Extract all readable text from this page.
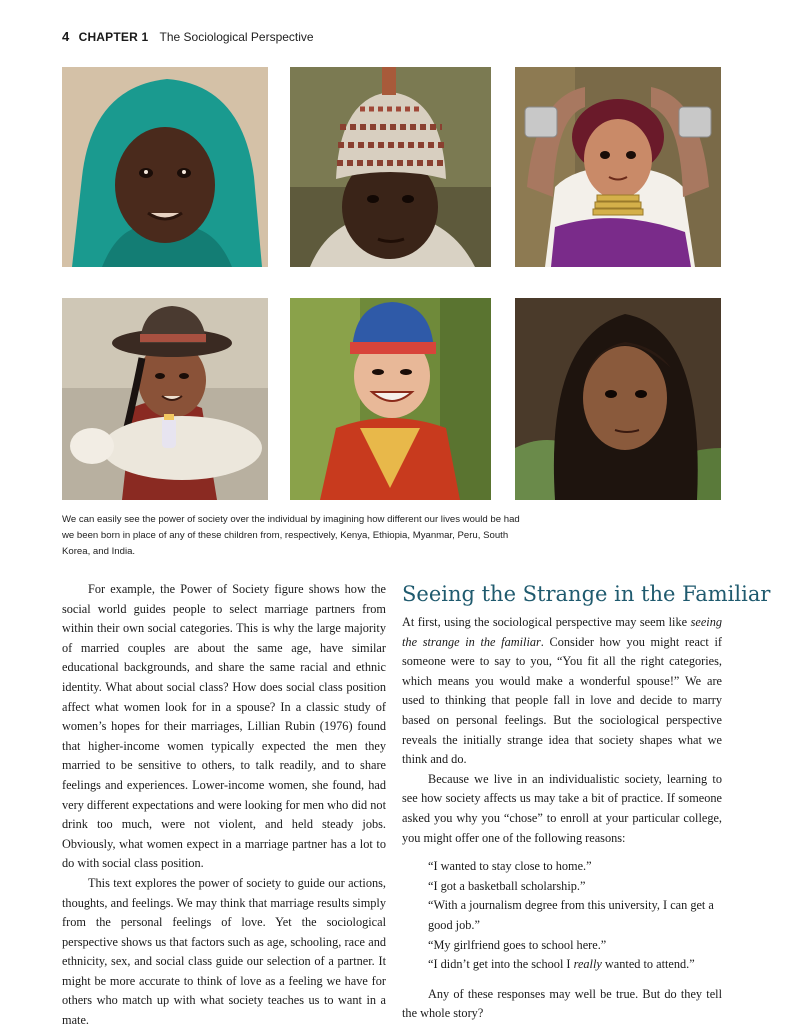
4 CHAPTER 1 The Sociological Perspective
We can easily see the power of society over the individual by imagining how different our lives would be had we been born in place of any of these children from, respectively, Kenya, Ethiopia, Myanmar, Peru, South Korea, and India.

For example, the Power of Society figure shows how the social world guides people to select marriage partners from within their own social categories. This is why the large majority of married couples are about the same age, have similar educational backgrounds, and share the same racial and ethnic identity. What about social class? How does social class position affect what women look for in a spouse? In a classic study of women’s hopes for their marriages, Lillian Rubin (1976) found that higher-income women typically expected the men they married to be sensitive to others, to talk readily, and to share feelings and experiences. Lower-income women, she found, had very different expectations and were looking for men who did not drink too much, were not violent, and held steady jobs. Obviously, what women expect in a marriage partner has a lot to do with social class position.

This text explores the power of society to guide our actions, thoughts, and feelings. We may think that marriage results simply from the personal feelings of love. Yet the sociological perspective shows us that factors such as age, schooling, race and ethnicity, sex, and social class guide our selection of a partner. It might be more accurate to think of love as a feeling we have for others who match up with what society teaches us to want in a mate.

Seeing the Strange in the Familiar

At first, using the sociological perspective may seem like seeing the strange in the familiar. Consider how you might react if someone were to say to you, “You fit all the right categories, which means you would make a wonderful spouse!” We are used to thinking that people fall in love and decide to marry based on personal feelings. But the sociological perspective reveals the initially strange idea that society shapes what we think and do.

Because we live in an individualistic society, learning to see how society affects us may take a bit of practice. If someone asked you why you “chose” to enroll at your particular college, you might offer one of the following reasons:

“I wanted to stay close to home.”
“I got a basketball scholarship.”
“With a journalism degree from this university, I can get a good job.”
“My girlfriend goes to school here.”
“I didn’t get into the school I really wanted to attend.”

Any of these responses may well be true. But do they tell the whole story?
